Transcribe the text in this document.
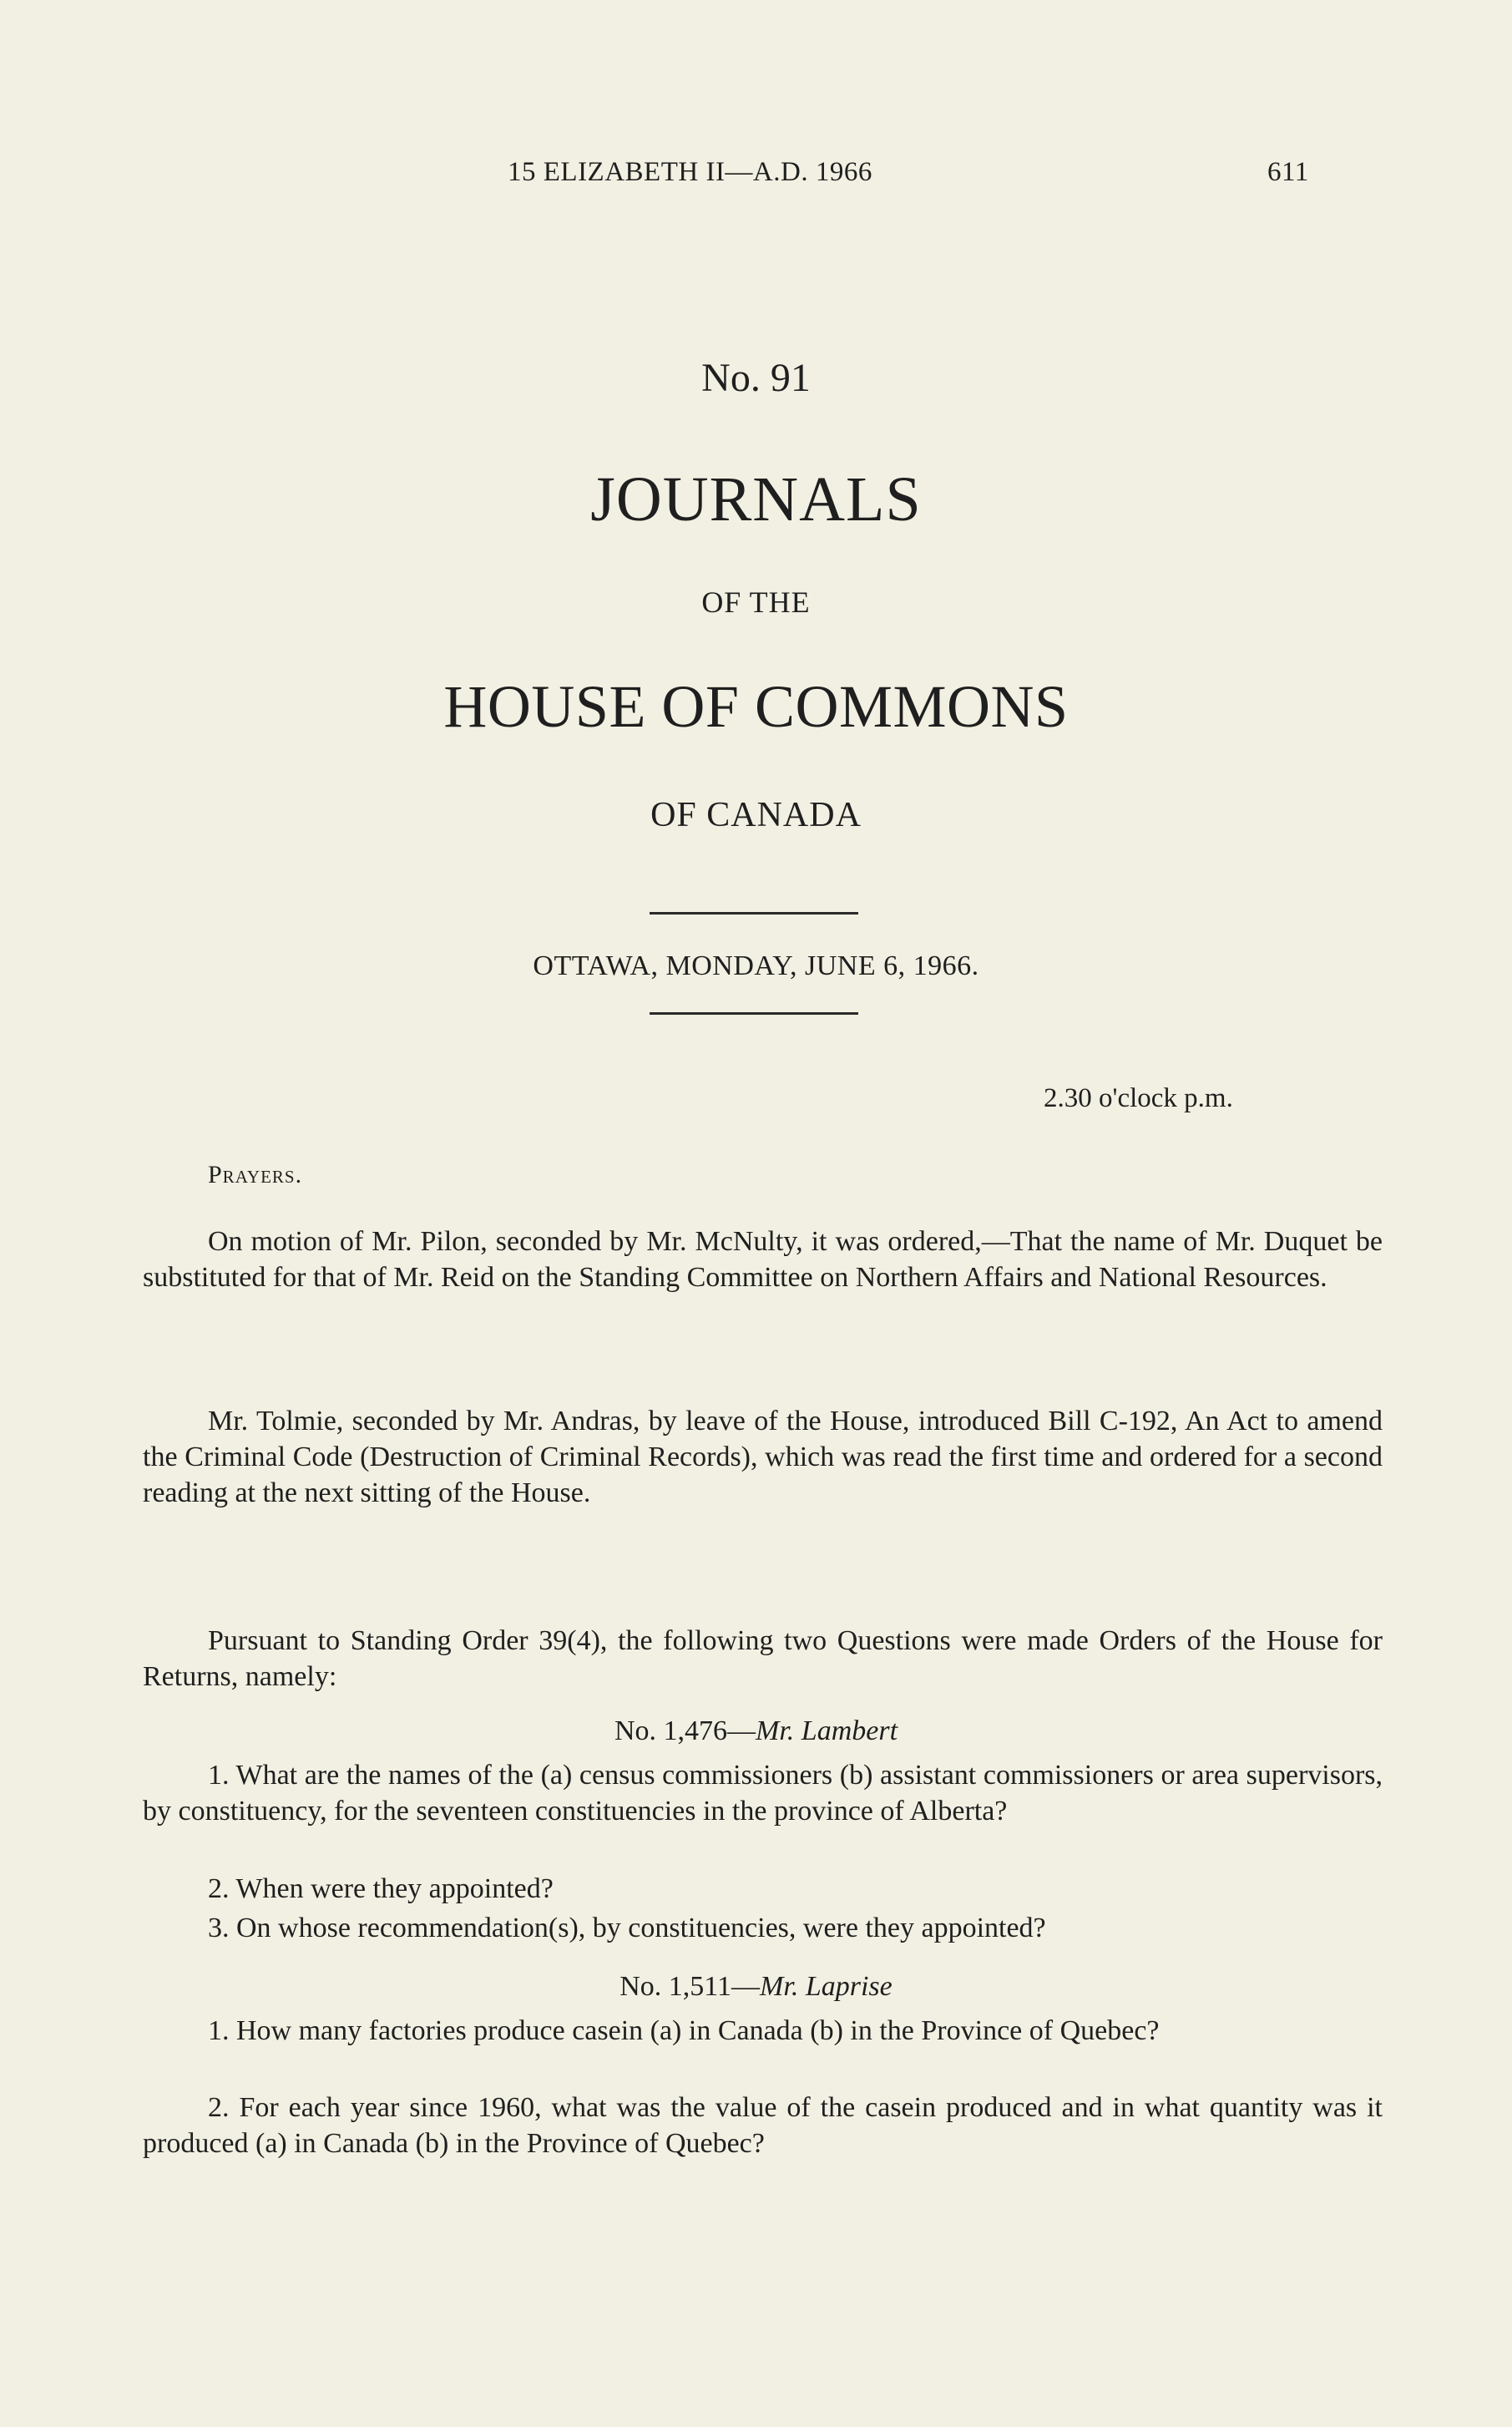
15 ELIZABETH II—A.D. 1966	611
No. 91
JOURNALS
OF THE
HOUSE OF COMMONS
OF CANADA
OTTAWA, MONDAY, JUNE 6, 1966.
2.30 o'clock p.m.
Prayers.

On motion of Mr. Pilon, seconded by Mr. McNulty, it was ordered,—That the name of Mr. Duquet be substituted for that of Mr. Reid on the Standing Committee on Northern Affairs and National Resources.

Mr. Tolmie, seconded by Mr. Andras, by leave of the House, introduced Bill C-192, An Act to amend the Criminal Code (Destruction of Criminal Records), which was read the first time and ordered for a second reading at the next sitting of the House.

Pursuant to Standing Order 39(4), the following two Questions were made Orders of the House for Returns, namely:

No. 1,476—Mr. Lambert

1. What are the names of the (a) census commissioners (b) assistant commissioners or area supervisors, by constituency, for the seventeen constituencies in the province of Alberta?

2. When were they appointed?

3. On whose recommendation(s), by constituencies, were they appointed?

No. 1,511—Mr. Laprise

1. How many factories produce casein (a) in Canada (b) in the Province of Quebec?

2. For each year since 1960, what was the value of the casein produced and in what quantity was it produced (a) in Canada (b) in the Province of Quebec?
